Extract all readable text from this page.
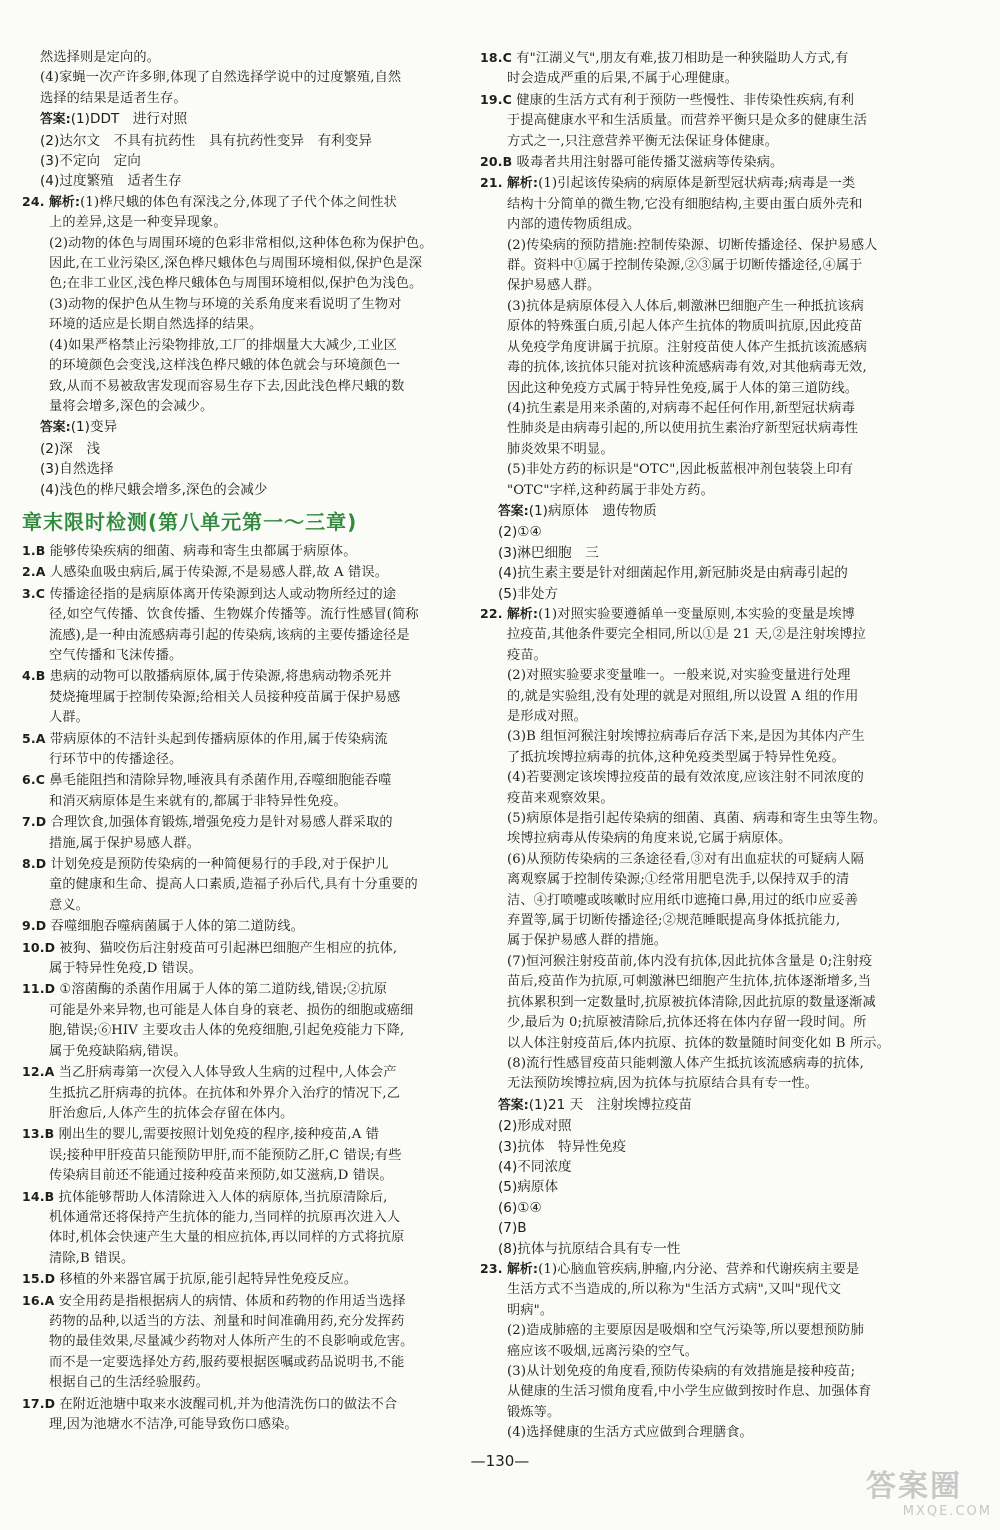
然选择则是定向的。
(4)家蝇一次产许多卵,体现了自然选择学说中的过度繁殖,自然
选择的结果是适者生存。
答案:(1)DDT　进行对照
(2)达尔文　不具有抗药性　具有抗药性变异　有利变异
(3)不定向　定向
(4)过度繁殖　适者生存
24. 解析:(1)桦尺蛾的体色有深浅之分,体现了子代个体之间性状
上的差异,这是一种变异现象。
(2)动物的体色与周围环境的色彩非常相似,这种体色称为保护色。
因此,在工业污染区,深色桦尺蛾体色与周围环境相似,保护色是深
色;在非工业区,浅色桦尺蛾体色与周围环境相似,保护色为浅色。
(3)动物的保护色从生物与环境的关系角度来看说明了生物对
环境的适应是长期自然选择的结果。
(4)如果严格禁止污染物排放,工厂的排烟量大大减少,工业区
的环境颜色会变浅,这样浅色桦尺蛾的体色就会与环境颜色一
致,从而不易被敌害发现而容易生存下去,因此浅色桦尺蛾的数
量将会增多,深色的会减少。
答案:(1)变异
(2)深　浅
(3)自然选择
(4)浅色的桦尺蛾会增多,深色的会减少
章末限时检测(第八单元第一～三章)
1.B 能够传染疾病的细菌、病毒和寄生虫都属于病原体。
2.A 人感染血吸虫病后,属于传染源,不是易感人群,故 A 错误。
3.C 传播途径指的是病原体离开传染源到达人或动物所经过的途
径,如空气传播、饮食传播、生物媒介传播等。流行性感冒(简称
流感),是一种由流感病毒引起的传染病,该病的主要传播途径是
空气传播和飞沫传播。
4.B 患病的动物可以散播病原体,属于传染源,将患病动物杀死并
焚烧掩埋属于控制传染源;给相关人员接种疫苗属于保护易感
人群。
5.A 带病原体的不洁针头起到传播病原体的作用,属于传染病流
行环节中的传播途径。
6.C 鼻毛能阻挡和清除异物,唾液具有杀菌作用,吞噬细胞能吞噬
和消灭病原体是生来就有的,都属于非特异性免疫。
7.D 合理饮食,加强体育锻炼,增强免疫力是针对易感人群采取的
措施,属于保护易感人群。
8.D 计划免疫是预防传染病的一种简便易行的手段,对于保护儿
童的健康和生命、提高人口素质,造福子孙后代,具有十分重要的
意义。
9.D 吞噬细胞吞噬病菌属于人体的第二道防线。
10.D 被狗、猫咬伤后注射疫苗可引起淋巴细胞产生相应的抗体,
属于特异性免疫,D 错误。
11.D ①溶菌酶的杀菌作用属于人体的第二道防线,错误;②抗原
可能是外来异物,也可能是人体自身的衰老、损伤的细胞或癌细
胞,错误;⑥HIV 主要攻击人体的免疫细胞,引起免疫能力下降,
属于免疫缺陷病,错误。
12.A 当乙肝病毒第一次侵入人体导致人生病的过程中,人体会产
生抵抗乙肝病毒的抗体。在抗体和外界介入治疗的情况下,乙
肝治愈后,人体产生的抗体会存留在体内。
13.B 刚出生的婴儿,需要按照计划免疫的程序,接种疫苗,A 错
误;接种甲肝疫苗只能预防甲肝,而不能预防乙肝,C 错误;有些
传染病目前还不能通过接种疫苗来预防,如艾滋病,D 错误。
14.B 抗体能够帮助人体清除进入人体的病原体,当抗原清除后,
机体通常还将保持产生抗体的能力,当同样的抗原再次进入人
体时,机体会快速产生大量的相应抗体,再以同样的方式将抗原
清除,B 错误。
15.D 移植的外来器官属于抗原,能引起特异性免疫反应。
16.A 安全用药是指根据病人的病情、体质和药物的作用适当选择
药物的品种,以适当的方法、剂量和时间准确用药,充分发挥药
物的最佳效果,尽量减少药物对人体所产生的不良影响或危害。
而不是一定要选择处方药,服药要根据医嘱或药品说明书,不能
根据自己的生活经验服药。
17.D 在附近池塘中取来水波醒司机,并为他清洗伤口的做法不合
理,因为池塘水不洁净,可能导致伤口感染。
18.C 有"江湖义气",朋友有难,拔刀相助是一种狭隘助人方式,有
时会造成严重的后果,不属于心理健康。
19.C 健康的生活方式有利于预防一些慢性、非传染性疾病,有利
于提高健康水平和生活质量。而营养平衡只是众多的健康生活
方式之一,只注意营养平衡无法保证身体健康。
20.B 吸毒者共用注射器可能传播艾滋病等传染病。
21. 解析:(1)引起该传染病的病原体是新型冠状病毒;病毒是一类
结构十分简单的微生物,它没有细胞结构,主要由蛋白质外壳和
内部的遗传物质组成。
(2)传染病的预防措施:控制传染源、切断传播途径、保护易感人
群。资料中①属于控制传染源,②③属于切断传播途径,④属于
保护易感人群。
(3)抗体是病原体侵入人体后,刺激淋巴细胞产生一种抵抗该病
原体的特殊蛋白质,引起人体产生抗体的物质叫抗原,因此疫苗
从免疫学角度讲属于抗原。注射疫苗使人体产生抵抗该流感病
毒的抗体,该抗体只能对抗该种流感病毒有效,对其他病毒无效,
因此这种免疫方式属于特异性免疫,属于人体的第三道防线。
(4)抗生素是用来杀菌的,对病毒不起任何作用,新型冠状病毒
性肺炎是由病毒引起的,所以使用抗生素治疗新型冠状病毒性
肺炎效果不明显。
(5)非处方药的标识是"OTC",因此板蓝根冲剂包装袋上印有
"OTC"字样,这种药属于非处方药。
答案:(1)病原体　遗传物质
(2)①④
(3)淋巴细胞　三
(4)抗生素主要是针对细菌起作用,新冠肺炎是由病毒引起的
(5)非处方
22. 解析:(1)对照实验要遵循单一变量原则,本实验的变量是埃博
拉疫苗,其他条件要完全相同,所以①是 21 天,②是注射埃博拉
疫苗。
(2)对照实验要求变量唯一。一般来说,对实验变量进行处理
的,就是实验组,没有处理的就是对照组,所以设置 A 组的作用
是形成对照。
(3)B 组恒河猴注射埃博拉病毒后存活下来,是因为其体内产生
了抵抗埃博拉病毒的抗体,这种免疫类型属于特异性免疫。
(4)若要测定该埃博拉疫苗的最有效浓度,应该注射不同浓度的
疫苗来观察效果。
(5)病原体是指引起传染病的细菌、真菌、病毒和寄生虫等生物。
埃博拉病毒从传染病的角度来说,它属于病原体。
(6)从预防传染病的三条途径看,③对有出血症状的可疑病人隔
离观察属于控制传染源;①经常用肥皂洗手,以保持双手的清
洁、④打喷嚏或咳嗽时应用纸巾遮掩口鼻,用过的纸巾应妥善
弃置等,属于切断传播途径;②规范睡眠提高身体抵抗能力,
属于保护易感人群的措施。
(7)恒河猴注射疫苗前,体内没有抗体,因此抗体含量是 0;注射疫
苗后,疫苗作为抗原,可刺激淋巴细胞产生抗体,抗体逐渐增多,当
抗体累积到一定数量时,抗原被抗体清除,因此抗原的数量逐渐减
少,最后为 0;抗原被清除后,抗体还将在体内存留一段时间。所
以人体注射疫苗后,体内抗原、抗体的数量随时间变化如 B 所示。
(8)流行性感冒疫苗只能刺激人体产生抵抗该流感病毒的抗体,
无法预防埃博拉病,因为抗体与抗原结合具有专一性。
答案:(1)21 天　注射埃博拉疫苗
(2)形成对照
(3)抗体　特异性免疫
(4)不同浓度
(5)病原体
(6)①④
(7)B
(8)抗体与抗原结合具有专一性
23. 解析:(1)心脑血管疾病,肿瘤,内分泌、营养和代谢疾病主要是
生活方式不当造成的,所以称为"生活方式病",又叫"现代文
明病"。
(2)造成肺癌的主要原因是吸烟和空气污染等,所以要想预防肺
癌应该不吸烟,远离污染的空气。
(3)从计划免疫的角度看,预防传染病的有效措施是接种疫苗;
从健康的生活习惯角度看,中小学生应做到按时作息、加强体育
锻炼等。
(4)选择健康的生活方式应做到合理膳食。
—130—
答案圈
MXQE.COM
